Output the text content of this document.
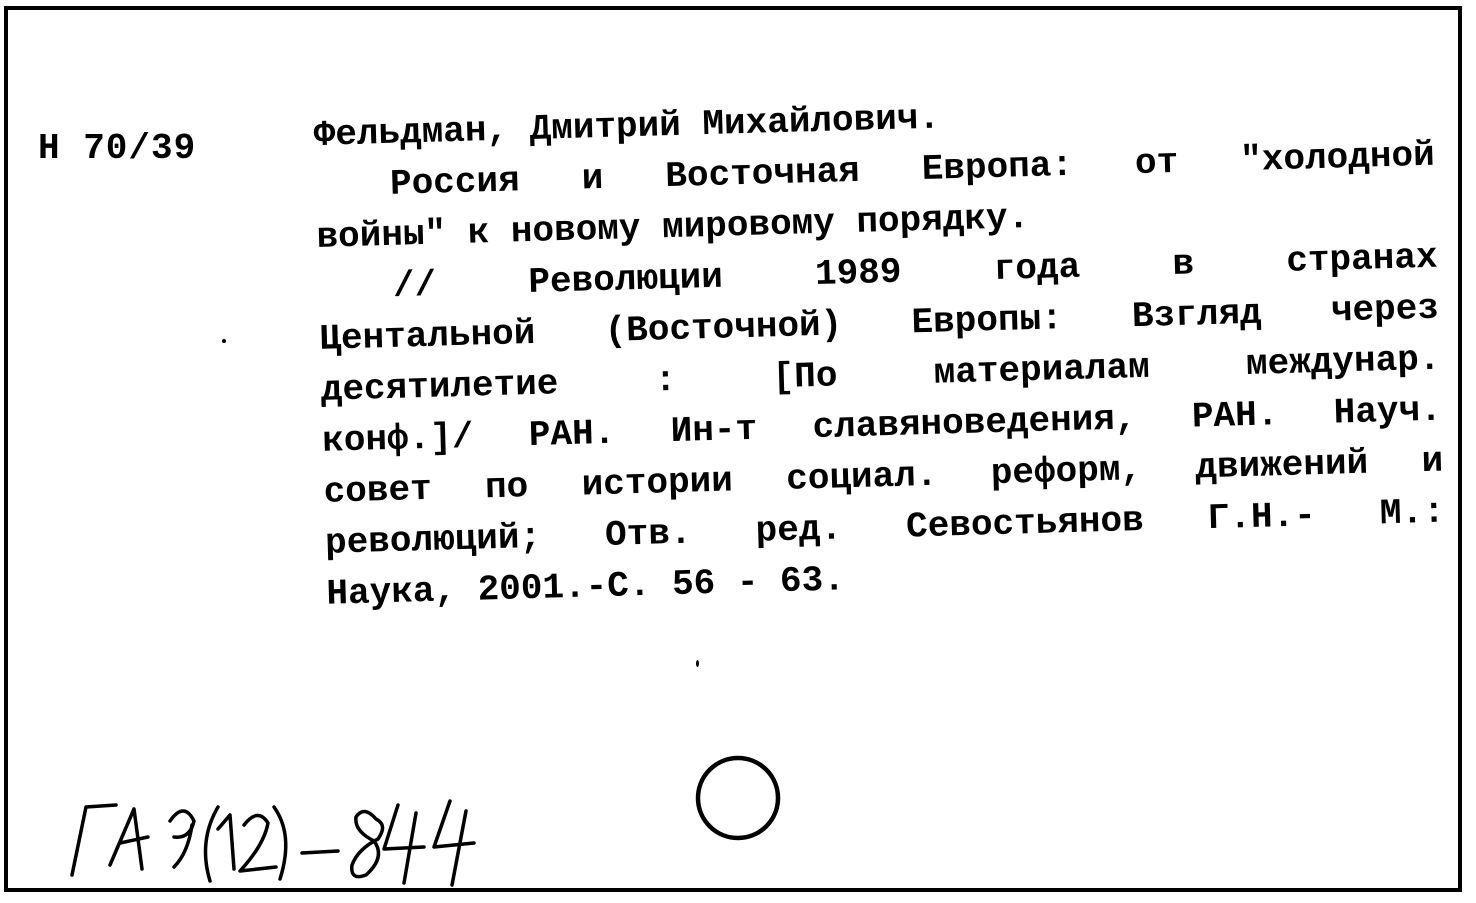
Н 70/39	Фельдман, Дмитрий Михайлович.
Россия и Восточная Европа: от "холодной
войны" к новому мировому порядку.
//	Революции	1989	года	в	странах
Центальной (Восточной) Европы: Взгляд через
десятилетие	:	[По	материалам	междунар.
конф.]/ РАН. Ин-т славяноведения, РАН. Науч.
совет по истории социал. реформ, движений и
революций; Отв. ред. Севостьянов Г.Н.- М.:
Наука, 2001.-С. 56 - 63.
